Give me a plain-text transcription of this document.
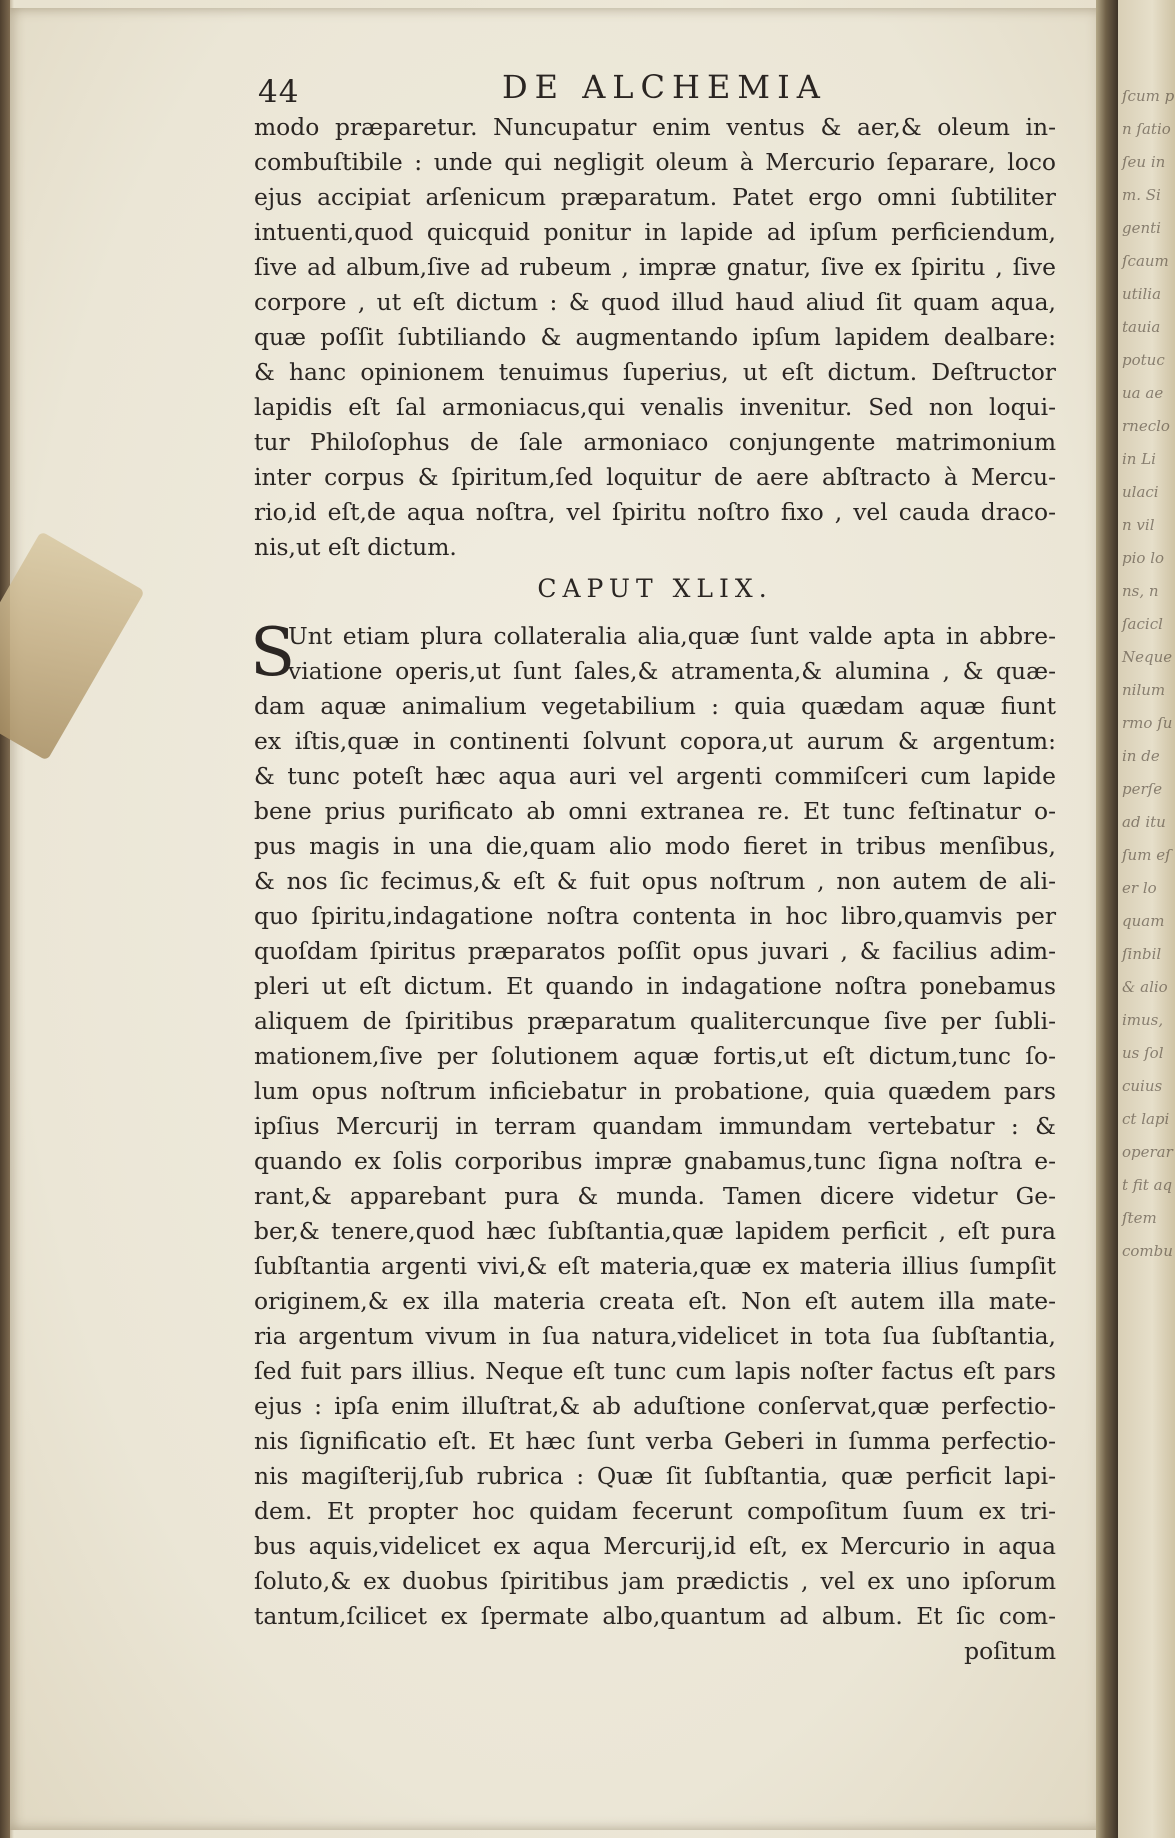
ſcum p
n ſatio
ſeu in
m. Si
genti
ſcaum
utilia
tauia
potuc
ua ae
rneclo
in Li
ulaci
n vil
pio lo
ns, n
ſacicl
Neque
nilum
rmo ſu
in de
perſe
ad itu
ſum eſ
er lo
quam
ſinbil
& alio
imus,
us ſol
cuius
ct lapi
operar
t fit aq
ſtem
combu
44	DE ALCHEMIA
modo præparetur. Nuncupatur enim ventus & aer,& oleum in-
combuſtibile : unde qui negligit oleum à Mercurio ſeparare, loco
ejus accipiat arſenicum præparatum. Patet ergo omni ſubtiliter
intuenti,quod quicquid ponitur in lapide ad ipſum perficiendum,
ſive ad album,ſive ad rubeum , impræ gnatur, ſive ex ſpiritu , ſive
corpore , ut eſt dictum : & quod illud haud aliud ſit quam aqua,
quæ poſſit ſubtiliando & augmentando ipſum lapidem dealbare:
& hanc opinionem tenuimus ſuperius, ut eſt dictum. Deſtructor
lapidis eſt ſal armoniacus,qui venalis invenitur. Sed non loqui-
tur Philoſophus de ſale armoniaco conjungente matrimonium
inter corpus & ſpiritum,ſed loquitur de aere abſtracto à Mercu-
rio,id eſt,de aqua noſtra, vel ſpiritu noſtro fixo , vel cauda draco-
nis,ut eſt dictum.
CAPUT XLIX.
S
Unt etiam plura collateralia alia,quæ ſunt valde apta in abbre-
viatione operis,ut ſunt ſales,& atramenta,& alumina , & quæ-
dam aquæ animalium vegetabilium : quia quædam aquæ fiunt
ex iſtis,quæ in continenti ſolvunt copora,ut aurum & argentum:
& tunc poteſt hæc aqua auri vel argenti commiſceri cum lapide
bene prius purificato ab omni extranea re. Et tunc feſtinatur o-
pus magis in una die,quam alio modo fieret in tribus menſibus,
& nos ſic fecimus,& eſt & fuit opus noſtrum , non autem de ali-
quo ſpiritu,indagatione noſtra contenta in hoc libro,quamvis per
quoſdam ſpiritus præparatos poſſit opus juvari , & facilius adim-
pleri ut eſt dictum. Et quando in indagatione noſtra ponebamus
aliquem de ſpiritibus præparatum qualitercunque ſive per ſubli-
mationem,ſive per ſolutionem aquæ fortis,ut eſt dictum,tunc ſo-
lum opus noſtrum inficiebatur in probatione, quia quædem pars
ipſius Mercurij in terram quandam immundam vertebatur : &
quando ex ſolis corporibus impræ gnabamus,tunc ſigna noſtra e-
rant,& apparebant pura & munda. Tamen dicere videtur Ge-
ber,& tenere,quod hæc ſubſtantia,quæ lapidem perficit , eſt pura
ſubſtantia argenti vivi,& eſt materia,quæ ex materia illius ſumpſit
originem,& ex illa materia creata eſt. Non eſt autem illa mate-
ria argentum vivum in ſua natura,videlicet in tota ſua ſubſtantia,
ſed fuit pars illius. Neque eſt tunc cum lapis noſter factus eſt pars
ejus : ipſa enim illuſtrat,& ab aduſtione conſervat,quæ perfectio-
nis ſignificatio eſt. Et hæc ſunt verba Geberi in ſumma perfectio-
nis magiſterij,ſub rubrica : Quæ ſit ſubſtantia, quæ perficit lapi-
dem. Et propter hoc quidam fecerunt compoſitum ſuum ex tri-
bus aquis,videlicet ex aqua Mercurij,id eſt, ex Mercurio in aqua
ſoluto,& ex duobus ſpiritibus jam prædictis , vel ex uno ipſorum
tantum,ſcilicet ex ſpermate albo,quantum ad album. Et ſic com-
poſitum
